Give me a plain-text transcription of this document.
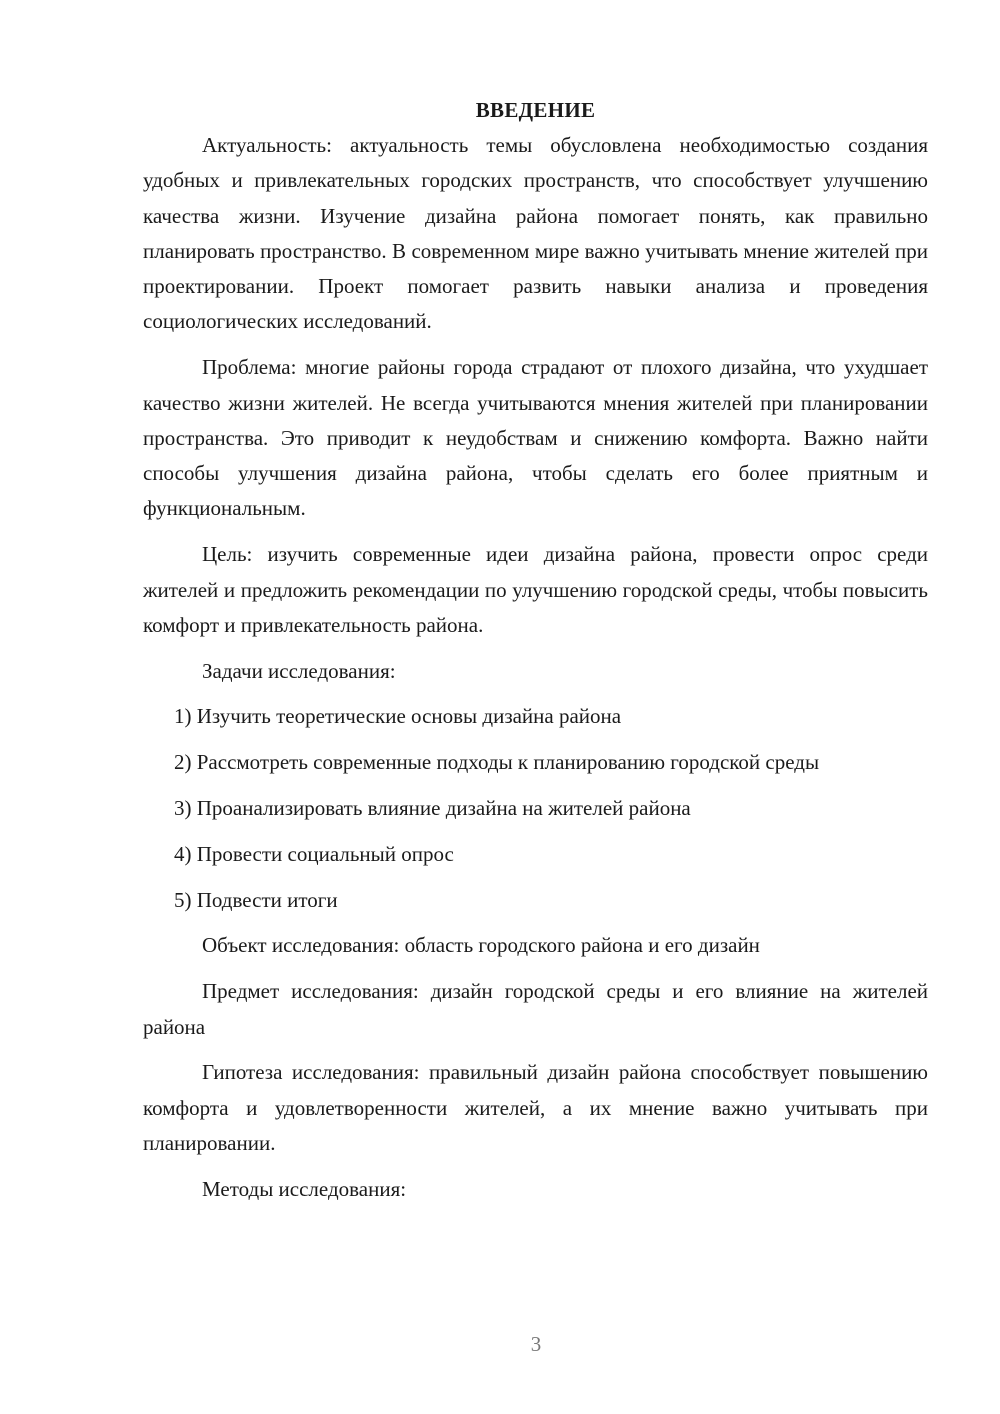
ВВЕДЕНИЕ

Актуальность: актуальность темы обусловлена необходимостью создания удобных и привлекательных городских пространств, что способствует улучшению качества жизни. Изучение дизайна района помогает понять, как правильно планировать пространство. В современном мире важно учитывать мнение жителей при проектировании. Проект помогает развить навыки анализа и проведения социологических исследований.

Проблема: многие районы города страдают от плохого дизайна, что ухудшает качество жизни жителей. Не всегда учитываются мнения жителей при планировании пространства. Это приводит к неудобствам и снижению комфорта. Важно найти способы улучшения дизайна района, чтобы сделать его более приятным и функциональным.

Цель: изучить современные идеи дизайна района, провести опрос среди жителей и предложить рекомендации по улучшению городской среды, чтобы повысить комфорт и привлекательность района.

Задачи исследования:

1) Изучить теоретические основы дизайна района

2) Рассмотреть современные подходы к планированию городской среды

3) Проанализировать влияние дизайна на жителей района

4) Провести социальный опрос

5) Подвести итоги

Объект исследования: область городского района и его дизайн

Предмет исследования: дизайн городской среды и его влияние на жителей района

Гипотеза исследования: правильный дизайн района способствует повышению комфорта и удовлетворенности жителей, а их мнение важно учитывать при планировании.

Методы исследования:

3
